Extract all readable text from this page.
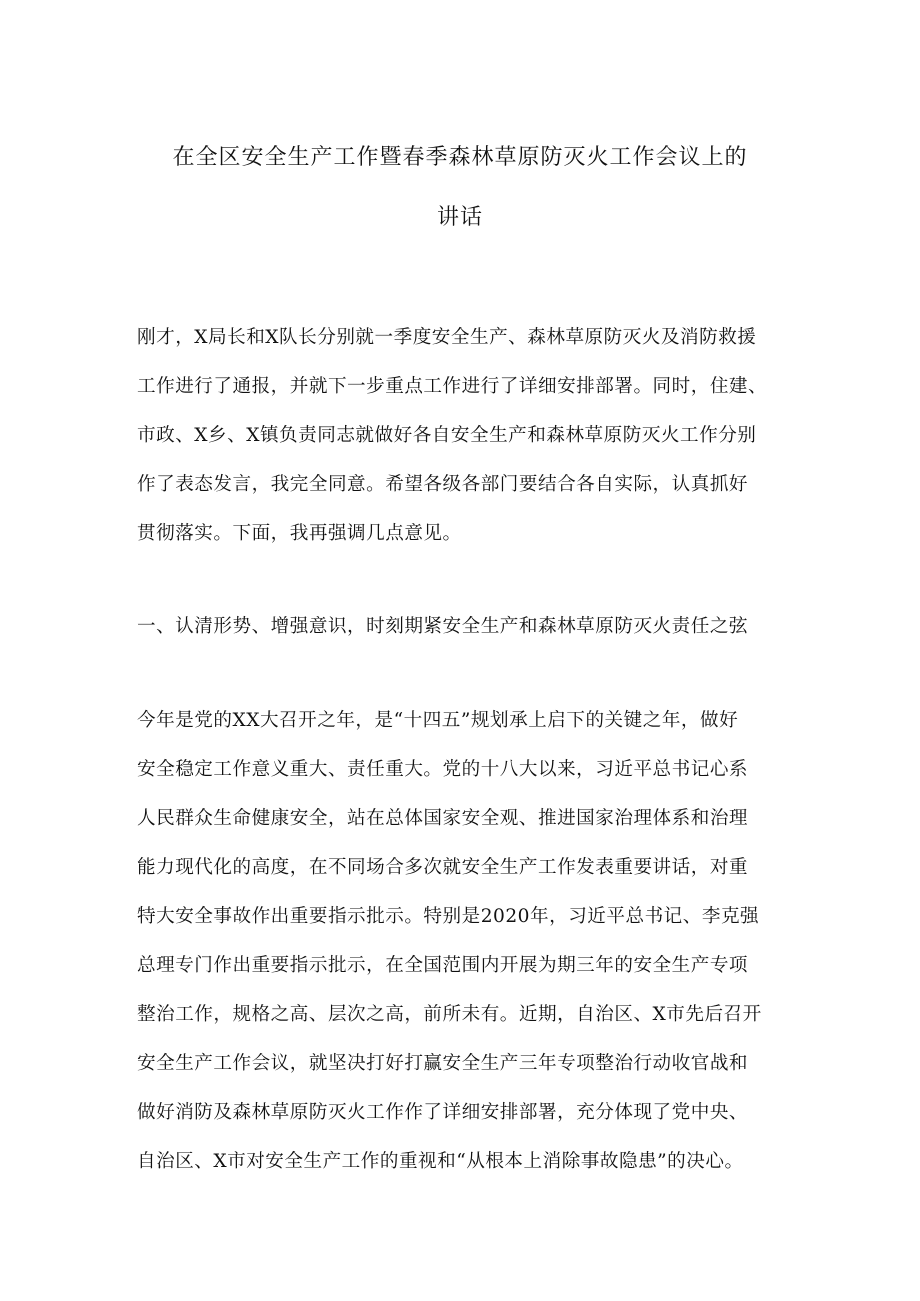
在全区安全生产工作暨春季森林草原防灭火工作会议上的
讲话
刚才，X局长和X队长分别就一季度安全生产、森林草原防灭火及消防救援
工作进行了通报，并就下一步重点工作进行了详细安排部署。同时，住建、
市政、X乡、X镇负责同志就做好各自安全生产和森林草原防灭火工作分别
作了表态发言，我完全同意。希望各级各部门要结合各自实际，认真抓好
贯彻落实。下面，我再强调几点意见。
一、认清形势、增强意识，时刻期紧安全生产和森林草原防灭火责任之弦
今年是党的XX大召开之年，是“十四五”规划承上启下的关键之年，做好
安全稳定工作意义重大、责任重大。党的十八大以来，习近平总书记心系
人民群众生命健康安全，站在总体国家安全观、推进国家治理体系和治理
能力现代化的高度，在不同场合多次就安全生产工作发表重要讲话，对重
特大安全事故作出重要指示批示。特别是2020年，习近平总书记、李克强
总理专门作出重要指示批示，在全国范围内开展为期三年的安全生产专项
整治工作，规格之高、层次之高，前所未有。近期，自治区、X市先后召开
安全生产工作会议，就坚决打好打赢安全生产三年专项整治行动收官战和
做好消防及森林草原防灭火工作作了详细安排部署，充分体现了党中央、
自治区、X市对安全生产工作的重视和“从根本上消除事故隐患”的决心。
